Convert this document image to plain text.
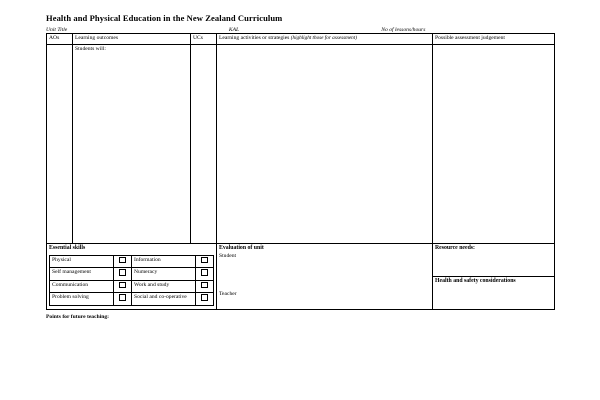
Health and Physical Education in the New Zealand Curriculum
Unit Title	KAL	No of lessons/hours
AOs	Learning outcomes	UCs	Learning activities or strategies (highlight those for assessment)	Possible assessment judgement
	Students will:			

Essential skills
Physical		Information	
Self management		Numeracy	
Communication		Work and study	
Problem solving		Social and co-operative	

Evaluation of unit
Student
Teacher

Resource needs:
Health and safety considerations
Points for future teaching:
